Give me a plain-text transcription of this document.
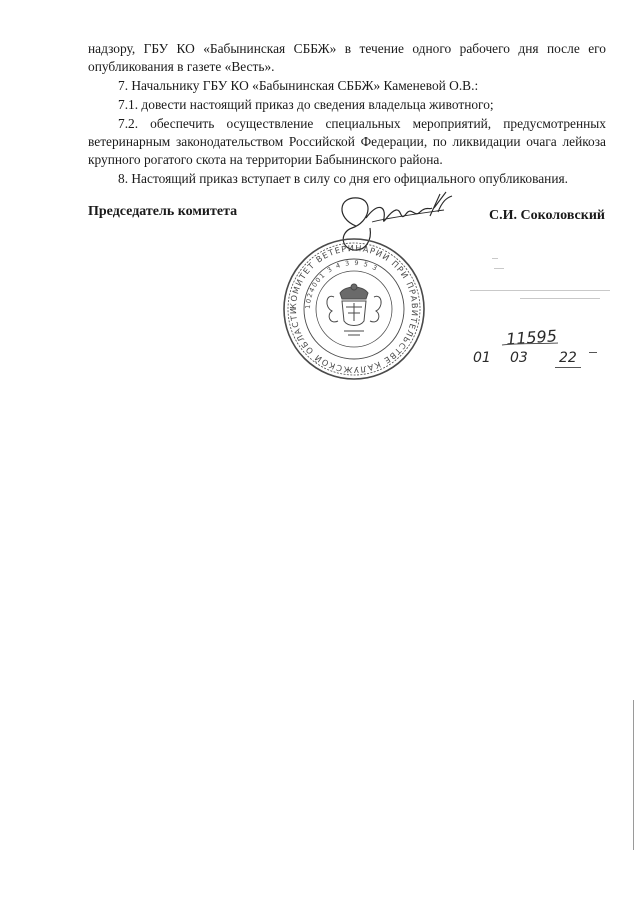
надзору, ГБУ КО «Бабынинская СББЖ» в течение одного рабочего дня после его опубликования в газете «Весть».

7. Начальнику ГБУ КО «Бабынинская СББЖ» Каменевой О.В.:

7.1. довести настоящий приказ до сведения владельца животного;

7.2. обеспечить осуществление специальных мероприятий, предусмотренных ветеринарным законодательством Российской Федерации, по ликвидации очага лейкоза крупного рогатого скота на территории Бабынинского района.

8. Настоящий приказ вступает в силу со дня его официального опубликования.

Председатель комитета	С.И. Соколовский
КОМИТЕТ ВЕТЕРИНАРИИ ПРИ ПРАВИТЕЛЬСТВЕ КАЛУЖСКОЙ ОБЛАСТИ
1024001 3 4 3 9 5 3
11595
01 03 22
